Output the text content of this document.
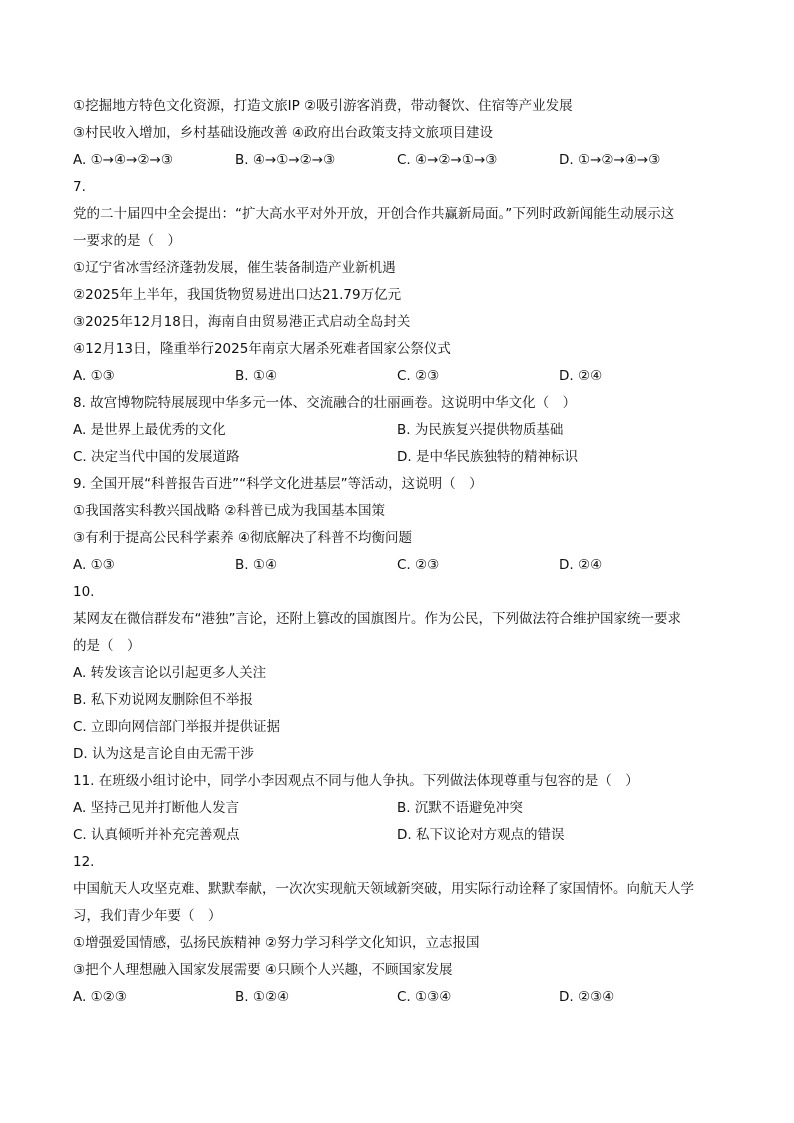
①挖掘地方特色文化资源，打造文旅IP ②吸引游客消费，带动餐饮、住宿等产业发展
③村民收入增加，乡村基础设施改善 ④政府出台政策支持文旅项目建设
A. ①→④→②→③	B. ④→①→②→③	C. ④→②→①→③	D. ①→②→④→③
7.
党的二十届四中全会提出：“扩大高水平对外开放，开创合作共赢新局面。”下列时政新闻能生动展示这
一要求的是（　）
①辽宁省冰雪经济蓬勃发展，催生装备制造产业新机遇
②2025年上半年，我国货物贸易进出口达21.79万亿元
③2025年12月18日，海南自由贸易港正式启动全岛封关
④12月13日，隆重举行2025年南京大屠杀死难者国家公祭仪式
A. ①③	B. ①④	C. ②③	D. ②④
8. 故宫博物院特展展现中华多元一体、交流融合的壮丽画卷。这说明中华文化（　）
A. 是世界上最优秀的文化	B. 为民族复兴提供物质基础
C. 决定当代中国的发展道路	D. 是中华民族独特的精神标识
9. 全国开展“科普报告百进”“科学文化进基层”等活动，这说明（　）
①我国落实科教兴国战略 ②科普已成为我国基本国策
③有利于提高公民科学素养 ④彻底解决了科普不均衡问题
A. ①③	B. ①④	C. ②③	D. ②④
10.
某网友在微信群发布“港独”言论，还附上篡改的国旗图片。作为公民，下列做法符合维护国家统一要求
的是（　）
A. 转发该言论以引起更多人关注
B. 私下劝说网友删除但不举报
C. 立即向网信部门举报并提供证据
D. 认为这是言论自由无需干涉
11. 在班级小组讨论中，同学小李因观点不同与他人争执。下列做法体现尊重与包容的是（　）
A. 坚持己见并打断他人发言	B. 沉默不语避免冲突
C. 认真倾听并补充完善观点	D. 私下议论对方观点的错误
12.
中国航天人攻坚克难、默默奉献，一次次实现航天领域新突破，用实际行动诠释了家国情怀。向航天人学
习，我们青少年要（　）
①增强爱国情感，弘扬民族精神 ②努力学习科学文化知识，立志报国
③把个人理想融入国家发展需要 ④只顾个人兴趣，不顾国家发展
A. ①②③	B. ①②④	C. ①③④	D. ②③④
